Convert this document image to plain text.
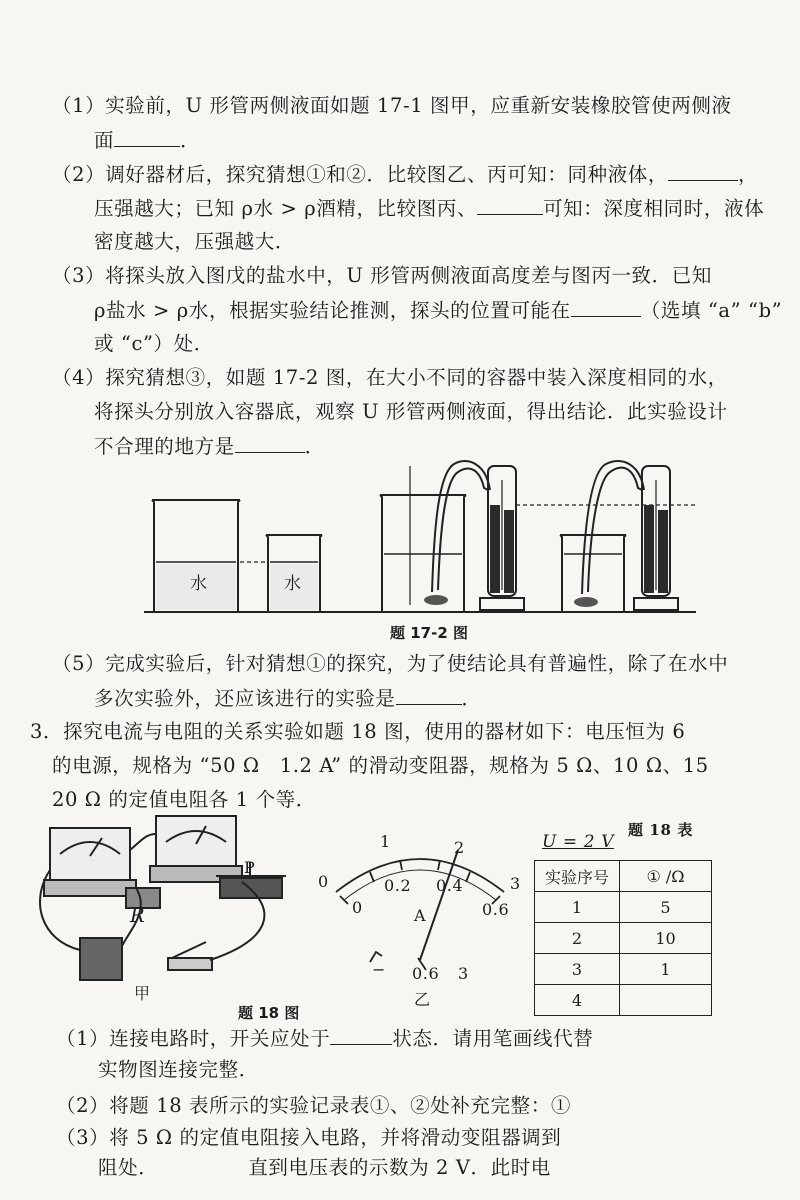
（1）实验前，U 形管两侧液面如题 17-1 图甲，应重新安装橡胶管使两侧液
面	．
（2）调好器材后，探究猜想①和②．比较图乙、丙可知：同种液体，	，
压强越大；已知 ρ水 > ρ酒精，比较图丙、	可知：深度相同时，液体
密度越大，压强越大．
（3）将探头放入图戊的盐水中，U 形管两侧液面高度差与图丙一致．已知
ρ盐水 > ρ水，根据实验结论推测，探头的位置可能在	（选填 “a” “b”
或 “c”）处．
（4）探究猜想③，如题 17-2 图，在大小不同的容器中装入深度相同的水，
将探头分别放入容器底，观察 U 形管两侧液面，得出结论．此实验设计
不合理的地方是	．
水	水
题 17-2 图
（5）完成实验后，针对猜想①的探究，为了使结论具有普遍性，除了在水中
多次实验外，还应该进行的实验是	．
3．探究电流与电阻的关系实验如题 18 图，使用的器材如下：电压恒为 6
的电源，规格为 “50 Ω　1.2 A” 的滑动变阻器，规格为 5 Ω、10 Ω、15
20 Ω 的定值电阻各 1 个等．
R
P
甲
0
1	2
3
0
0.2 0.4
0.6
A
− 0.6 3
乙
题 18 图
题 18 表
U = 2 V
实验序号	① /Ω
1	5
2	10
3	1
4	
（1）连接电路时，开关应处于	状态．请用笔画线代替
实物图连接完整．
（2）将题 18 表所示的实验记录表①、②处补充完整：①
（3）将 5 Ω 的定值电阻接入电路，并将滑动变阻器调到
阻处．	直到电压表的示数为 2 V．此时电
